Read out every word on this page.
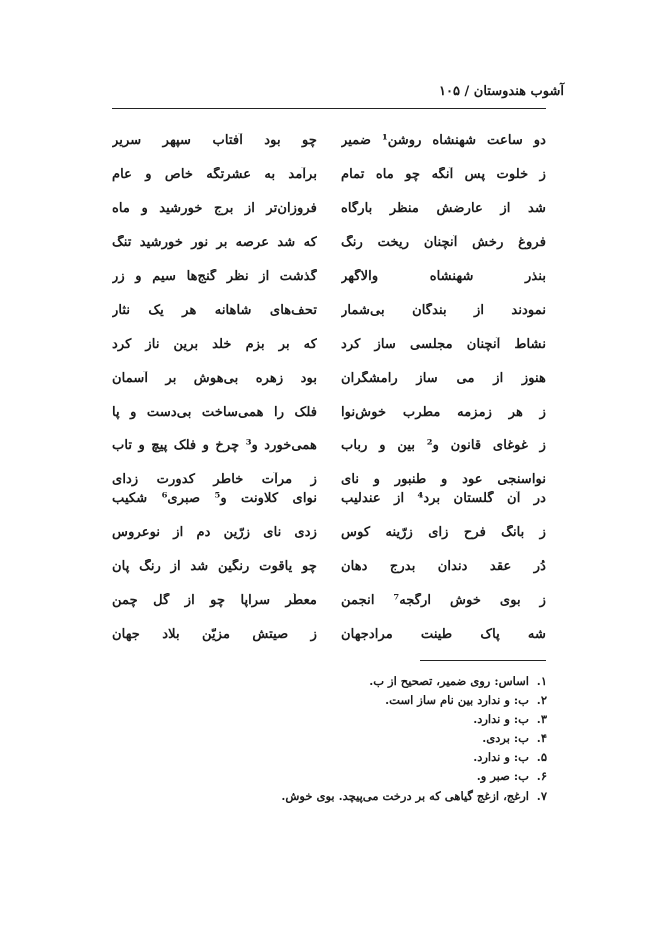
آشوب هندوستان / ۱۰۵
دو ساعت شهنشاه روشن¹ ضمیر
چو بود آفتاب سپهر سریر
ز خلوت پس آنگه چو ماه تمام
برآمد به عشرتگه خاص و عام
شد از عارضش منظر بارگاه
فروزان‌تر از برج خورشید و ماه
فروغ رخش آنچنان ریخت رنگ
که شد عرصه بر نور خورشید تنگ
بنذر شهنشاه والاگهر
گذشت از نظر گنج‌ها سیم و زر
نمودند از بندگان بی‌شمار
تحف‌های شاهانه هر یک نثار
نشاط آنچنان مجلسی ساز کرد
که بر بزم خلد برین ناز کرد
هنوز از می ساز رامشگران
بود زهره بی‌هوش بر آسمان
ز هر زمزمه مطرب خوش‌نوا
فلک را همی‌ساخت بی‌دست و پا
ز غوغای قانون و² بین و رباب
همی‌خورد و³ چرخ و فلک پیچ و تاب
نواسنجی عود و طنبور و نای
ز مرآت خاطر کدورت زدای
در آن گلستان برد⁴ از عندلیب
نوای کلاونت و⁵ صبری⁶ شکیب
ز بانگ فرح زای زرّینه کوس
زدی نای زرّین دم از نوعروس
دُر عقد دندان بدرج دهان
چو یاقوت رنگین شد از رنگ پان
ز بوی خوش ارگجه⁷ انجمن
معطّر سراپا چو از گل چمن
شه پاک طینت مرادجهان
ز صیتش مزیّن بلاد جهان
۱. اساس: روی ضمیر، تصحیح از ب.
۲. ب: و ندارد بین نام ساز است.
۳. ب: و ندارد.
۴. ب: بردی.
۵. ب: و ندارد.
۶. ب: صبر و.
۷. ارغج، ازغج گیاهی که بر درخت می‌پیچد. بوی خوش.
